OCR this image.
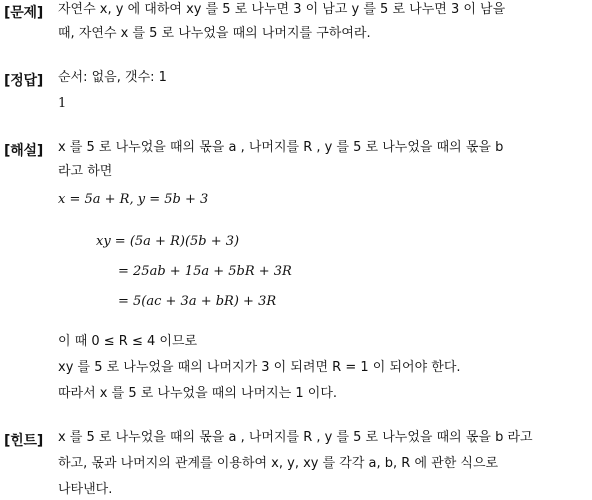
[문제] 자연수 x, y 에 대하여 xy 를 5 로 나누면 3 이 남고 y 를 5 로 나누면 3 이 남을
때, 자연수 x 를 5 로 나누었을 때의 나머지를 구하여라.
[정답] 순서: 없음, 갯수: 1
1
[해설] x 를 5 로 나누었을 때의 몫을 a , 나머지를 R , y 를 5 로 나누었을 때의 몫을 b
라고 하면
x = 5a + R, y = 5b + 3
xy = (5a + R)(5b + 3)
= 25ab + 15a + 5bR + 3R
= 5(ac + 3a + bR) + 3R
이 때 0 ≤ R ≤ 4 이므로
xy 를 5 로 나누었을 때의 나머지가 3 이 되려면 R = 1 이 되어야 한다.
따라서 x 를 5 로 나누었을 때의 나머지는 1 이다.
[힌트] x 를 5 로 나누었을 때의 몫을 a , 나머지를 R , y 를 5 로 나누었을 때의 몫을 b 라고
하고, 몫과 나머지의 관계를 이용하여 x, y, xy 를 각각 a, b, R 에 관한 식으로
나타낸다.
